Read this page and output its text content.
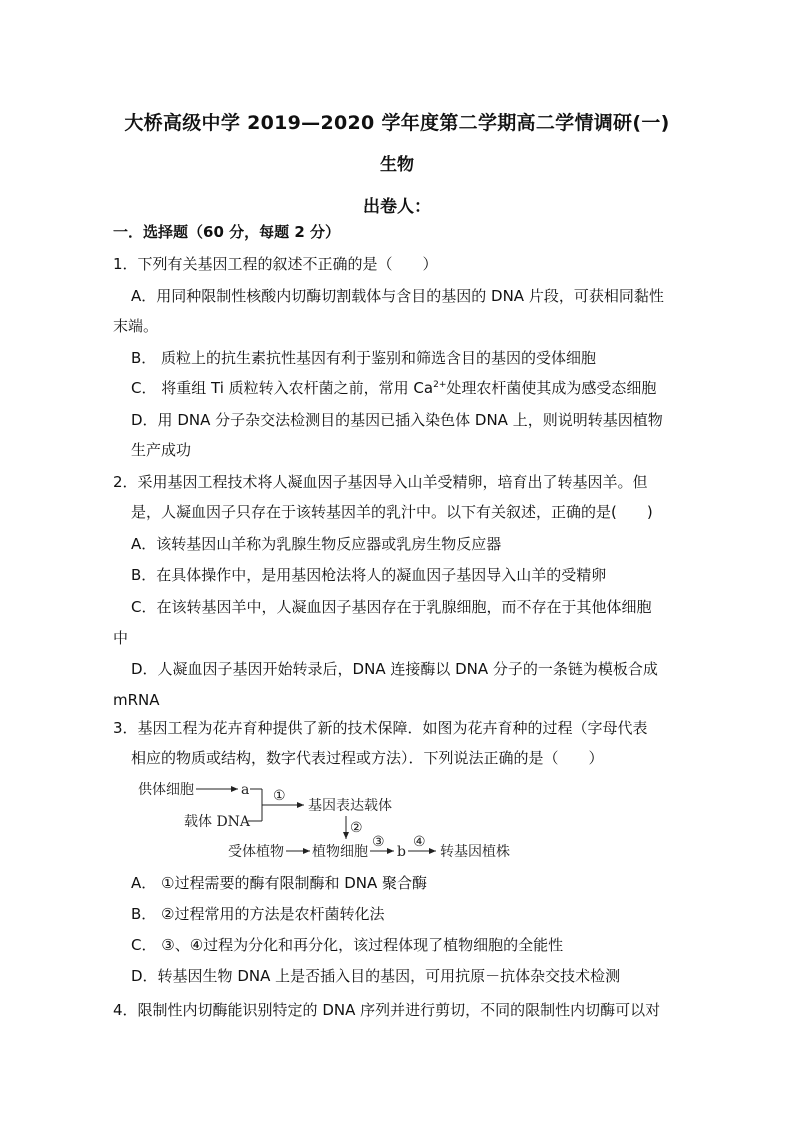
大桥高级中学 2019—2020 学年度第二学期高二学情调研(一)
生物
出卷人：
一．选择题（60 分，每题 2 分）
1．下列有关基因工程的叙述不正确的是（　　）
A．用同种限制性核酸内切酶切割载体与含目的基因的 DNA 片段，可获相同黏性
末端。
B． 质粒上的抗生素抗性基因有利于鉴别和筛选含目的基因的受体细胞
C． 将重组 Ti 质粒转入农杆菌之前，常用 $Ca^{2+}$处理农杆菌使其成为感受态细胞
D．用 DNA 分子杂交法检测目的基因已插入染色体 DNA 上，则说明转基因植物
生产成功
2．采用基因工程技术将人凝血因子基因导入山羊受精卵，培育出了转基因羊。但
是，人凝血因子只存在于该转基因羊的乳汁中。以下有关叙述，正确的是(　　)
A．该转基因山羊称为乳腺生物反应器或乳房生物反应器
B．在具体操作中，是用基因枪法将人的凝血因子基因导入山羊的受精卵
C．在该转基因羊中，人凝血因子基因存在于乳腺细胞，而不存在于其他体细胞
中
D．人凝血因子基因开始转录后，DNA 连接酶以 DNA 分子的一条链为模板合成
mRNA
3．基因工程为花卉育种提供了新的技术保障．如图为花卉育种的过程（字母代表
相应的物质或结构，数字代表过程或方法）．下列说法正确的是（　　）
供体细胞	a
载体 DNA
①
基因表达载体
②
受体植物 植物细胞
③
b
④
转基因植株
A． ①过程需要的酶有限制酶和 DNA 聚合酶
B． ②过程常用的方法是农杆菌转化法
C． ③、④过程为分化和再分化，该过程体现了植物细胞的全能性
D．转基因生物 DNA 上是否插入目的基因，可用抗原－抗体杂交技术检测
4．限制性内切酶能识别特定的 DNA 序列并进行剪切，不同的限制性内切酶可以对
